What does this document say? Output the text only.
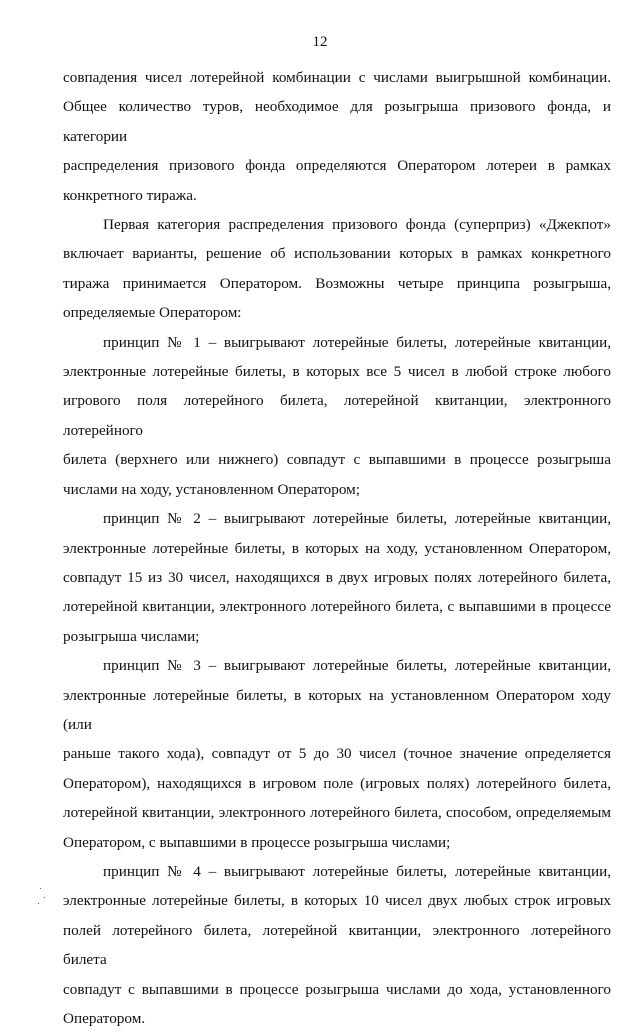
12

совпадения чисел лотерейной комбинации с числами выигрышной комбинации.
Общее количество туров, необходимое для розыгрыша призового фонда, и категории
распределения призового фонда определяются Оператором лотереи в рамках
конкретного тиража.

Первая категория распределения призового фонда (суперприз) «Джекпот»
включает варианты, решение об использовании которых в рамках конкретного
тиража принимается Оператором. Возможны четыре принципа розыгрыша,
определяемые Оператором:

принцип № 1 – выигрывают лотерейные билеты, лотерейные квитанции,
электронные лотерейные билеты, в которых все 5 чисел в любой строке любого
игрового поля лотерейного билета, лотерейной квитанции, электронного лотерейного
билета (верхнего или нижнего) совпадут с выпавшими в процессе розыгрыша
числами на ходу, установленном Оператором;

принцип № 2 – выигрывают лотерейные билеты, лотерейные квитанции,
электронные лотерейные билеты, в которых на ходу, установленном Оператором,
совпадут 15 из 30 чисел, находящихся в двух игровых полях лотерейного билета,
лотерейной квитанции, электронного лотерейного билета, с выпавшими в процессе
розыгрыша числами;

принцип № 3 – выигрывают лотерейные билеты, лотерейные квитанции,
электронные лотерейные билеты, в которых на установленном Оператором ходу (или
раньше такого хода), совпадут от 5 до 30 чисел (точное значение определяется
Оператором), находящихся в игровом поле (игровых полях) лотерейного билета,
лотерейной квитанции, электронного лотерейного билета, способом, определяемым
Оператором, с выпавшими в процессе розыгрыша числами;

принцип № 4 – выигрывают лотерейные билеты, лотерейные квитанции,
электронные лотерейные билеты, в которых 10 чисел двух любых строк игровых
полей лотерейного билета, лотерейной квитанции, электронного лотерейного билета
совпадут с выпавшими в процессе розыгрыша числами до хода, установленного
Оператором.
